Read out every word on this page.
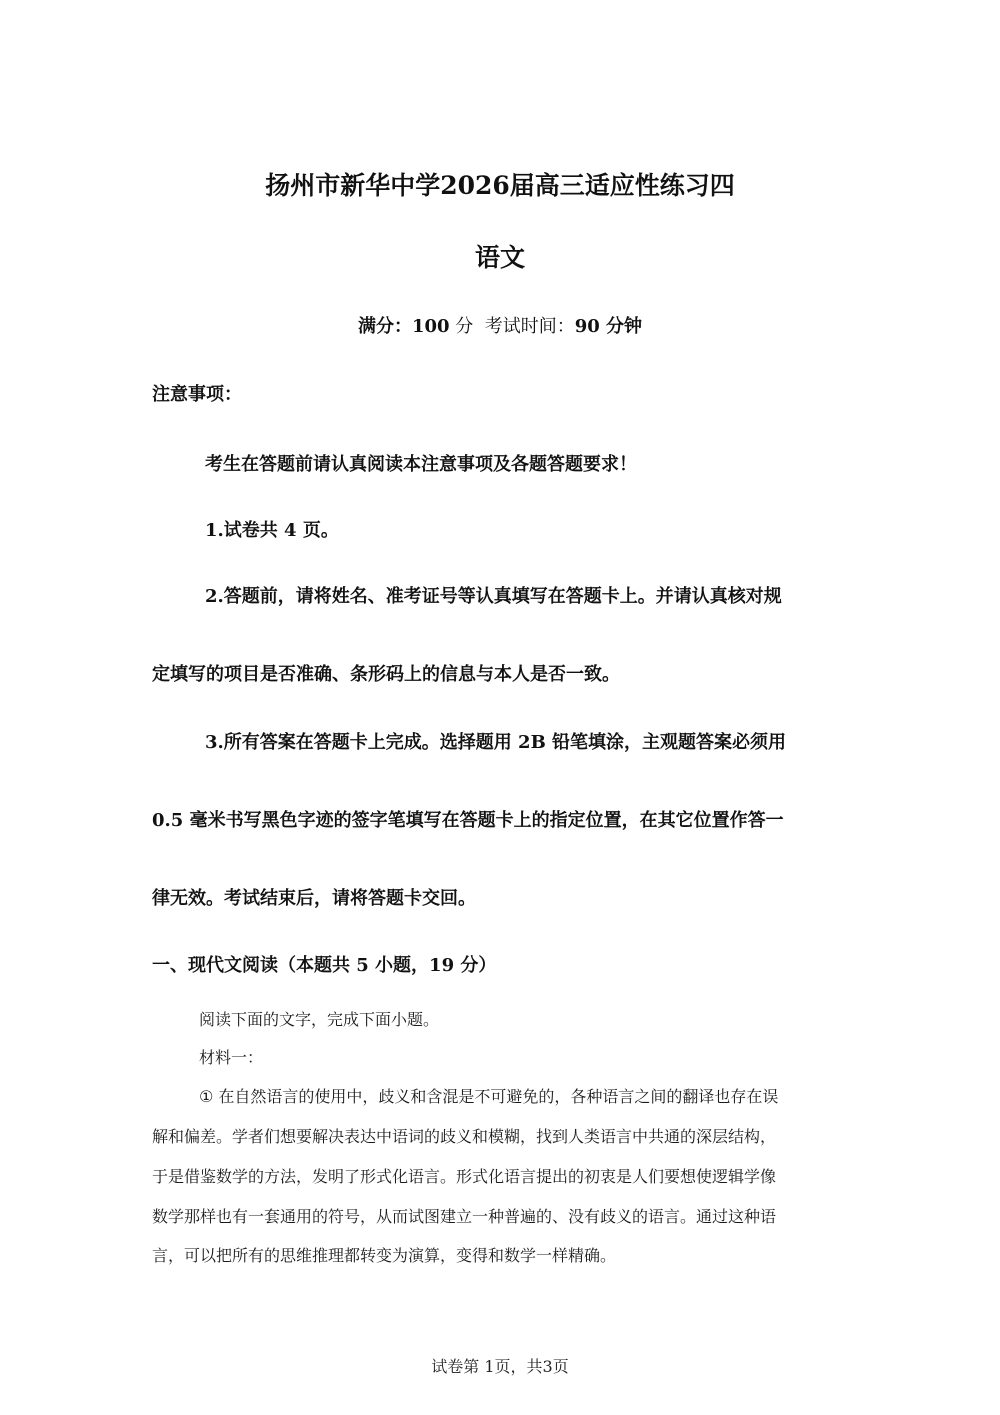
扬州市新华中学2026届高三适应性练习四
语文
满分：100 分 考试时间：90 分钟
注意事项：
考生在答题前请认真阅读本注意事项及各题答题要求！
1.试卷共 4 页。
2.答题前，请将姓名、准考证号等认真填写在答题卡上。并请认真核对规
定填写的项目是否准确、条形码上的信息与本人是否一致。
3.所有答案在答题卡上完成。选择题用 2B 铅笔填涂，主观题答案必须用
0.5 毫米书写黑色字迹的签字笔填写在答题卡上的指定位置，在其它位置作答一
律无效。考试结束后，请将答题卡交回。
一、现代文阅读（本题共 5 小题，19 分）
阅读下面的文字，完成下面小题。
材料一：
① 在自然语言的使用中，歧义和含混是不可避免的，各种语言之间的翻译也存在误
解和偏差。学者们想要解决表达中语词的歧义和模糊，找到人类语言中共通的深层结构，
于是借鉴数学的方法，发明了形式化语言。形式化语言提出的初衷是人们要想使逻辑学像
数学那样也有一套通用的符号，从而试图建立一种普遍的、没有歧义的语言。通过这种语
言，可以把所有的思维推理都转变为演算，变得和数学一样精确。
试卷第 1页，共3页
